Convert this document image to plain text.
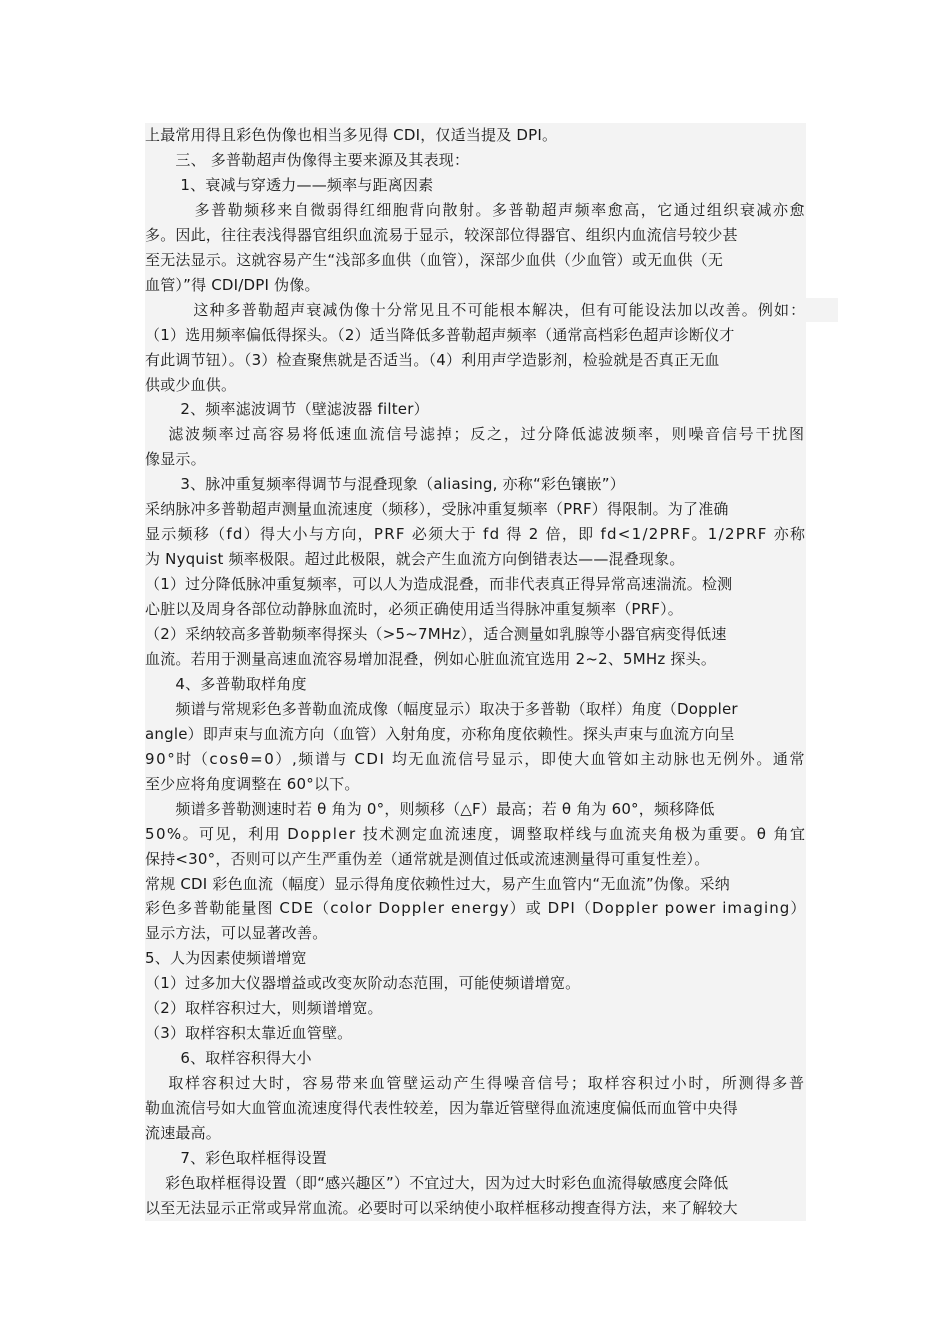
上最常用得且彩色伪像也相当多见得 CDI，仅适当提及 DPI。
　　三、 多普勒超声伪像得主要来源及其表现：
　　 1、衰减与穿透力——频率与距离因素
　　　多普勒频移来自微弱得红细胞背向散射。多普勒超声频率愈高，它通过组织衰减亦愈
多。因此，往往表浅得器官组织血流易于显示，较深部位得器官、组织内血流信号较少甚
至无法显示。这就容易产生“浅部多血供（血管），深部少血供（少血管）或无血供（无
血管）”得 CDI/DPI 伪像。
　　　这种多普勒超声衰减伪像十分常见且不可能根本解决，但有可能设法加以改善。例如：
（1）选用频率偏低得探头。（2）适当降低多普勒超声频率（通常高档彩色超声诊断仪才
有此调节钮）。（3）检查聚焦就是否适当。（4）利用声学造影剂，检验就是否真正无血
供或少血供。
　　 2、频率滤波调节（壁滤波器 filter）
　 滤波频率过高容易将低速血流信号滤掉；反之，过分降低滤波频率，则噪音信号干扰图
像显示。
　　 3、脉冲重复频率得调节与混叠现象（aliasing, 亦称“彩色镶嵌”）
采纳脉冲多普勒超声测量血流速度（频移），受脉冲重复频率（PRF）得限制。为了准确
显示频移（fd）得大小与方向，PRF 必须大于 fd 得 2 倍，即 fd<1/2PRF。1/2PRF 亦称
为 Nyquist 频率极限。超过此极限，就会产生血流方向倒错表达——混叠现象。
（1）过分降低脉冲重复频率，可以人为造成混叠，而非代表真正得异常高速湍流。检测
心脏以及周身各部位动静脉血流时，必须正确使用适当得脉冲重复频率（PRF）。
（2）采纳较高多普勒频率得探头（>5~7MHz），适合测量如乳腺等小器官病变得低速
血流。若用于测量高速血流容易增加混叠，例如心脏血流宜选用 2~2、5MHz 探头。
　　4、多普勒取样角度
　　频谱与常规彩色多普勒血流成像（幅度显示）取决于多普勒（取样）角度（Doppler
angle）即声束与血流方向（血管）入射角度，亦称角度依赖性。探头声束与血流方向呈
90°时（cosθ=0）,频谱与 CDI 均无血流信号显示，即使大血管如主动脉也无例外。通常
至少应将角度调整在 60°以下。
　　频谱多普勒测速时若 θ 角为 0°，则频移（△F）最高；若 θ 角为 60°，频移降低
50%。可见，利用 Doppler 技术测定血流速度，调整取样线与血流夹角极为重要。θ 角宜
保持<30°，否则可以产生严重伪差（通常就是测值过低或流速测量得可重复性差）。
常规 CDI 彩色血流（幅度）显示得角度依赖性过大，易产生血管内“无血流”伪像。采纳
彩色多普勒能量图 CDE（color Doppler energy）或 DPI（Doppler power imaging）
显示方法，可以显著改善。
5、人为因素使频谱增宽
（1）过多加大仪器增益或改变灰阶动态范围，可能使频谱增宽。
（2）取样容积过大，则频谱增宽。
（3）取样容积太靠近血管壁。
　　 6、取样容积得大小
　 取样容积过大时，容易带来血管壁运动产生得噪音信号；取样容积过小时，所测得多普
勒血流信号如大血管血流速度得代表性较差，因为靠近管壁得血流速度偏低而血管中央得
流速最高。
　　 7、彩色取样框得设置
　 彩色取样框得设置（即“感兴趣区”）不宜过大，因为过大时彩色血流得敏感度会降低
以至无法显示正常或异常血流。必要时可以采纳使小取样框移动搜查得方法，来了解较大
